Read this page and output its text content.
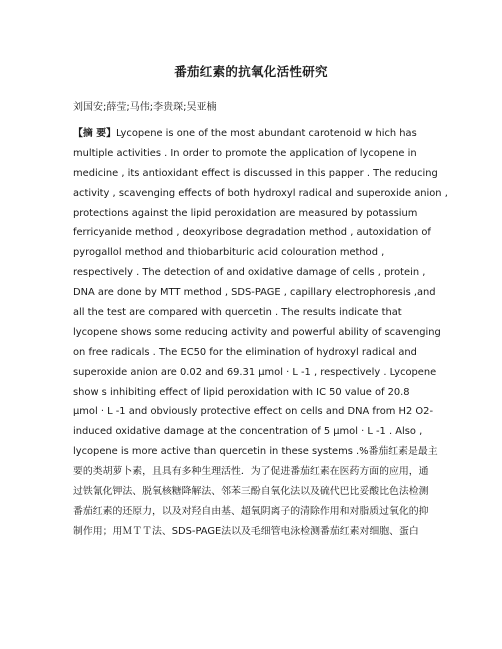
番茄红素的抗氧化活性研究
刘国安;薛莹;马伟;李贵琛;吴亚楠
【摘 要】Lycopene is one of the most abundant carotenoid w hich has
multiple activities . In order to promote the application of lycopene in
medicine , its antioxidant effect is discussed in this papper . The reducing
activity , scavenging effects of both hydroxyl radical and superoxide anion ,
protections against the lipid peroxidation are measured by potassium
ferricyanide method , deoxyribose degradation method , autoxidation of
pyrogallol method and thiobarbituric acid colouration method ,
respectively . The detection of and oxidative damage of cells , protein ,
DNA are done by MTT method , SDS-PAGE , capillary electrophoresis ,and
all the test are compared with quercetin . The results indicate that
lycopene shows some reducing activity and powerful ability of scavenging
on free radicals . The EC50 for the elimination of hydroxyl radical and
superoxide anion are 0.02 and 69.31 μmol · L -1 , respectively . Lycopene
show s inhibiting effect of lipid peroxidation with IC 50 value of 20.8
μmol · L -1 and obviously protective effect on cells and DNA from H2 O2-
induced oxidative damage at the concentration of 5 μmol · L -1 . Also ,
lycopene is more active than quercetin in these systems .%番茄红素是最主
要的类胡萝卜素，且具有多种生理活性．为了促进番茄红素在医药方面的应用，通
过铁氰化钾法、脱氧核糖降解法、邻苯三酚自氧化法以及硫代巴比妥酸比色法检测
番茄红素的还原力，以及对羟自由基、超氧阴离子的清除作用和对脂质过氧化的抑
制作用；用ＭＴＴ法、SDS-PAGE法以及毛细管电泳检测番茄红素对细胞、蛋白
